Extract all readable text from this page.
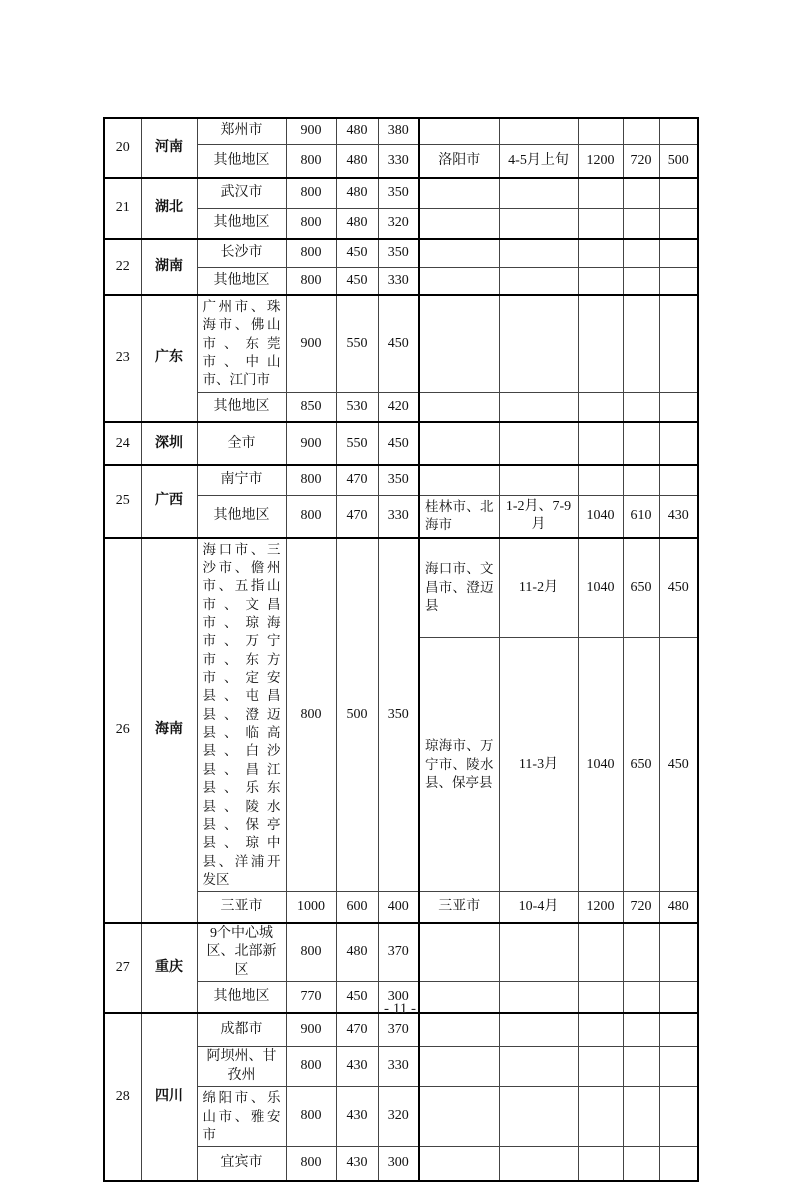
20	河南	郑州市	900	480	380					
		其他地区	800	480	330	洛阳市	4-5月上旬	1200	720	500
21	湖北	武汉市	800	480	350					
		其他地区	800	480	320					
22	湖南	长沙市	800	450	350					
		其他地区	800	450	330					
23	广东	广州市、珠海市、佛山市、东莞市、中山市、江门市	900	550	450					
		其他地区	850	530	420					
24	深圳	全市	900	550	450					
25	广西	南宁市	800	470	350					
		其他地区	800	470	330	桂林市、北海市	1-2月、7-9月	1040	610	430
26	海南	海口市、三沙市、儋州市、五指山市、文昌市、琼海市、万宁市、东方市、定安县、屯昌县、澄迈县、临高县、白沙县、昌江县、乐东县、陵水县、保亭县、琼中县、洋浦开发区	800	500	350	海口市、文昌市、澄迈县	11-2月	1040	650	450
						琼海市、万宁市、陵水县、保亭县	11-3月	1040	650	450
		三亚市	1000	600	400	三亚市	10-4月	1200	720	480
27	重庆	9个中心城区、北部新区	800	480	370					
		其他地区	770	450	300					
28	四川	成都市	900	470	370					
		阿坝州、甘孜州	800	430	330					
		绵阳市、乐山市、雅安市	800	430	320					
		宜宾市	800	430	300					
- 11 -
